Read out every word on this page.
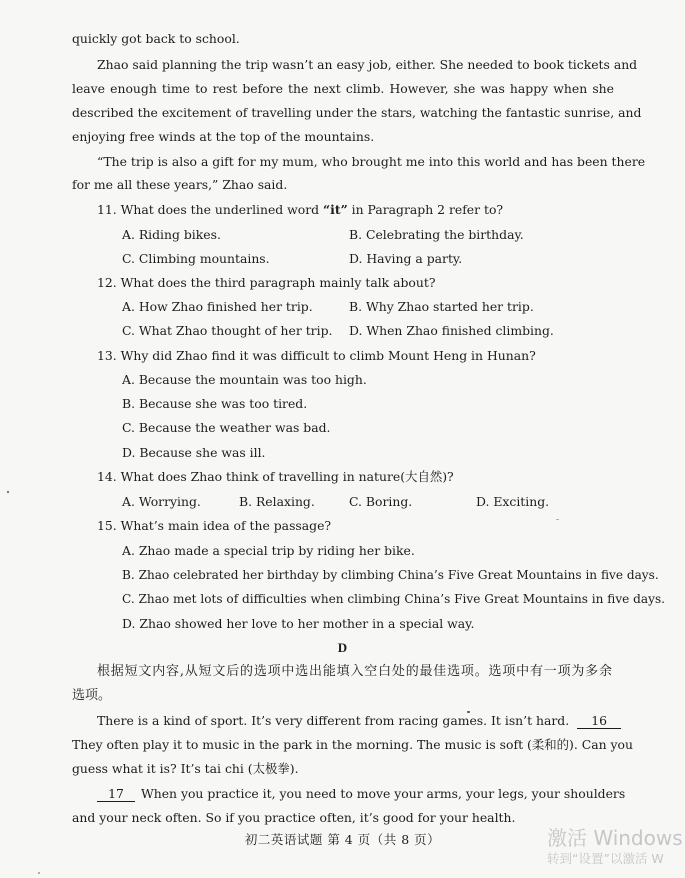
quickly got back to school.
Zhao said planning the trip wasn’t an easy job, either. She needed to book tickets and
leave enough time to rest before the next climb. However, she was happy when she
described the excitement of travelling under the stars, watching the fantastic sunrise, and
enjoying free winds at the top of the mountains.
“The trip is also a gift for my mum, who brought me into this world and has been there
for me all these years,” Zhao said.
11. What does the underlined word “it” in Paragraph 2 refer to?
A. Riding bikes.	B. Celebrating the birthday.
C. Climbing mountains.	D. Having a party.
12. What does the third paragraph mainly talk about?
A. How Zhao finished her trip.	B. Why Zhao started her trip.
C. What Zhao thought of her trip. D. When Zhao finished climbing.
13. Why did Zhao find it was difficult to climb Mount Heng in Hunan?
A. Because the mountain was too high.
B. Because she was too tired.
C. Because the weather was bad.
D. Because she was ill.
14. What does Zhao think of travelling in nature(大自然)?
A. Worrying.	B. Relaxing.	C. Boring.	D. Exciting.
15. What’s main idea of the passage?
A. Zhao made a special trip by riding her bike.
B. Zhao celebrated her birthday by climbing China’s Five Great Mountains in five days.
C. Zhao met lots of difficulties when climbing China’s Five Great Mountains in five days.
D. Zhao showed her love to her mother in a special way.
D
根据短文内容,从短文后的选项中选出能填入空白处的最佳选项。选项中有一项为多余
选项。
There is a kind of sport. It’s very different from racing games. It isn’t hard. 16
They often play it to music in the park in the morning. The music is soft (柔和的). Can you
guess what it is? It’s tai chi (太极拳).
17 When you practice it, you need to move your arms, your legs, your shoulders
and your neck often. So if you practice often, it’s good for your health.
初二英语试题 第 4 页（共 8 页）	激活 Windows
转到“设置”以激活 W
